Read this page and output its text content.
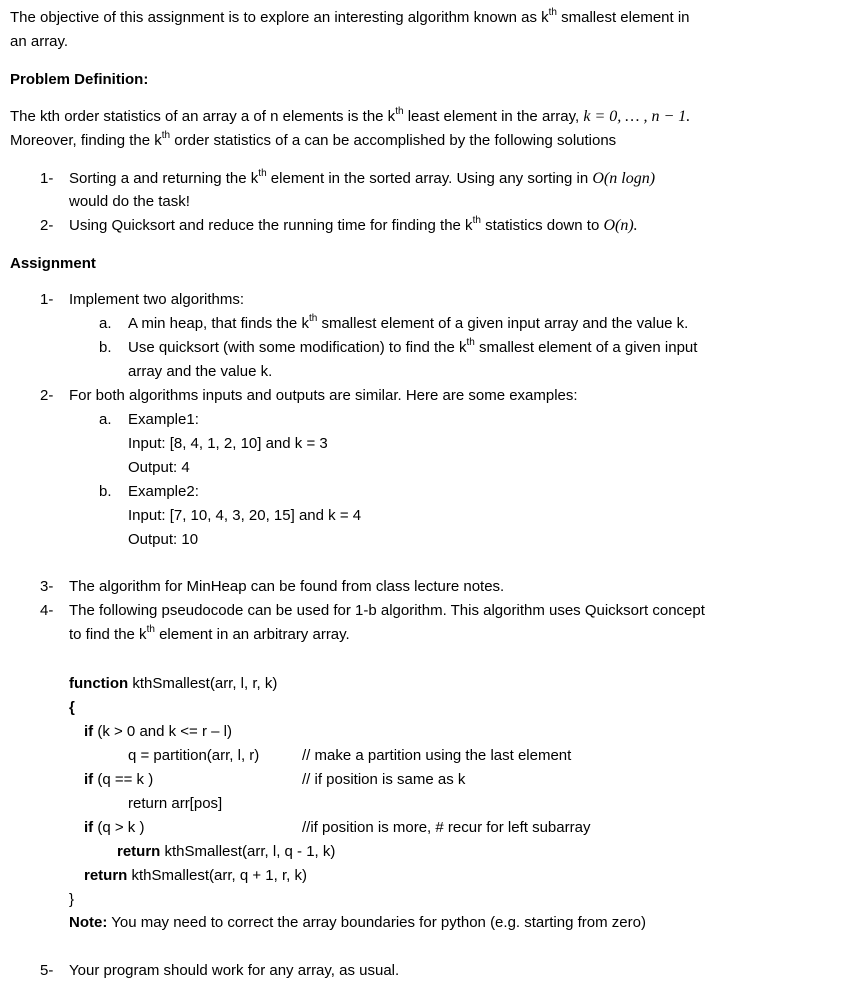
The objective of this assignment is to explore an interesting algorithm known as $k^{th}$ smallest element in
an array.
Problem Definition:
The kth order statistics of an array a of n elements is the $k^{th}$ least element in the array, k = 0, … , n − 1.
Moreover, finding the $k^{th}$ order statistics of a can be accomplished by the following solutions
1- Sorting a and returning the $k^{th}$ element in the sorted array. Using any sorting in O(n logn)
would do the task!
2- Using Quicksort and reduce the running time for finding the $k^{th}$ statistics down to O(n).
Assignment
1- Implement two algorithms:
a. A min heap, that finds the $k^{th}$ smallest element of a given input array and the value k.
b. Use quicksort (with some modification) to find the $k^{th}$ smallest element of a given input
array and the value k.
2- For both algorithms inputs and outputs are similar. Here are some examples:
a. Example1:
Input: [8, 4, 1, 2, 10] and k = 3
Output: 4
b. Example2:
Input: [7, 10, 4, 3, 20, 15] and k = 4
Output: 10
3- The algorithm for MinHeap can be found from class lecture notes.
4- The following pseudocode can be used for 1-b algorithm. This algorithm uses Quicksort concept
to find the $k^{th}$ element in an arbitrary array.
function kthSmallest(arr, l, r, k)
{
if (k > 0 and k <= r – l)
q = partition(arr, l, r)	// make a partition using the last element
if (q == k )	// if position is same as k
return arr[pos]
if (q > k )	//if position is more, # recur for left subarray
return kthSmallest(arr, l, q - 1, k)
return kthSmallest(arr, q + 1, r, k)
}
Note: You may need to correct the array boundaries for python (e.g. starting from zero)
5- Your program should work for any array, as usual.
